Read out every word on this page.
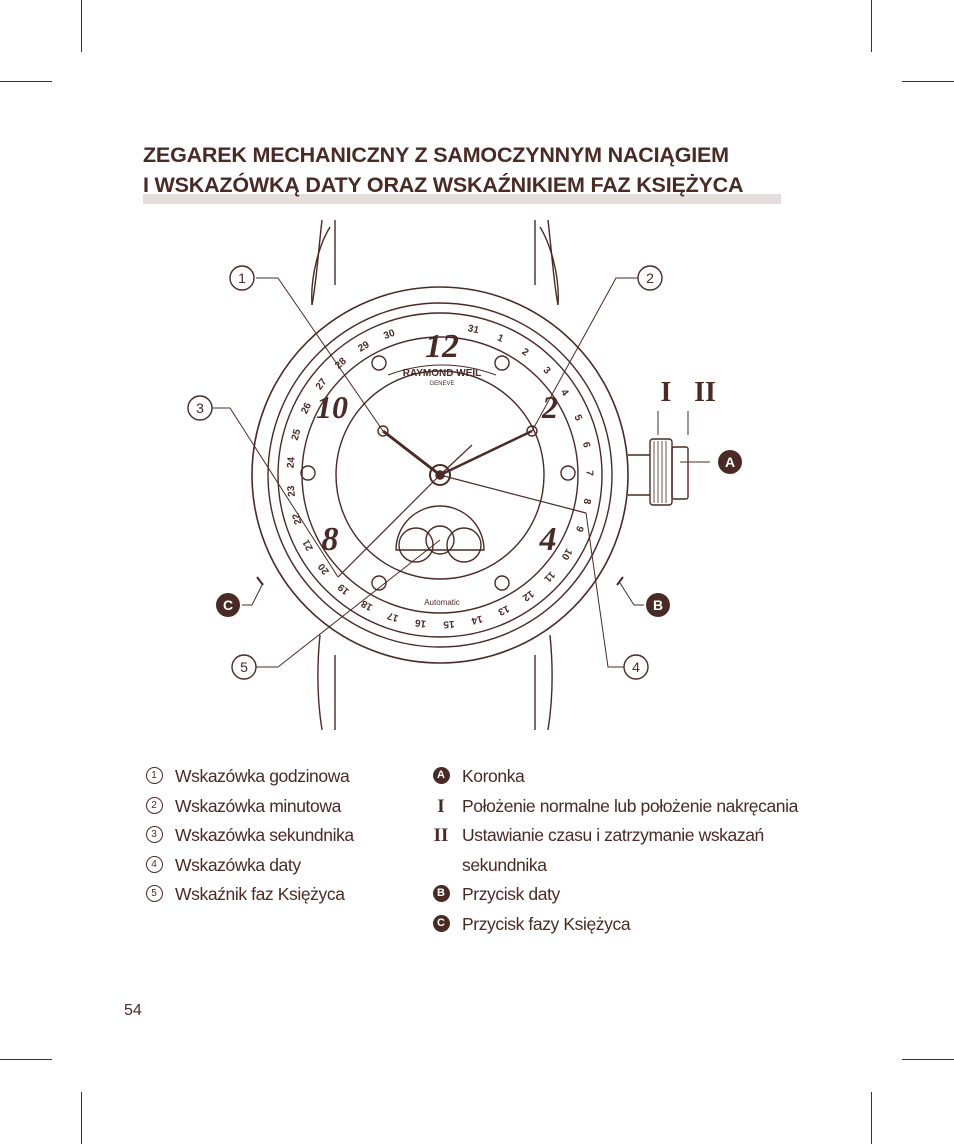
ZEGAREK MECHANICZNY Z SAMOCZYNNYM NACIĄGIEM
I WSKAZÓWKĄ DATY ORAZ WSKAŹNIKIEM FAZ KSIĘŻYCA
1
2
3
4
5
6
7
8
9
10
11
12
13
14
15
16
17
18
19
20
21
22
23
24
25
26
27
28
29
30	31
12
2
4
8
10
RAYMOND WEIL
GENEVE
Automatic
1	2
3
4
5
A
B
C
I II
1	Wskazówka godzinowa
2	Wskazówka minutowa
3	Wskazówka sekundnika
4	Wskazówka daty
5	Wskaźnik faz Księżyca
A Koronka
I Położenie normalne lub położenie nakręcania
II Ustawianie czasu i zatrzymanie wskazań
sekundnika
B Przycisk daty
C Przycisk fazy Księżyca
54
